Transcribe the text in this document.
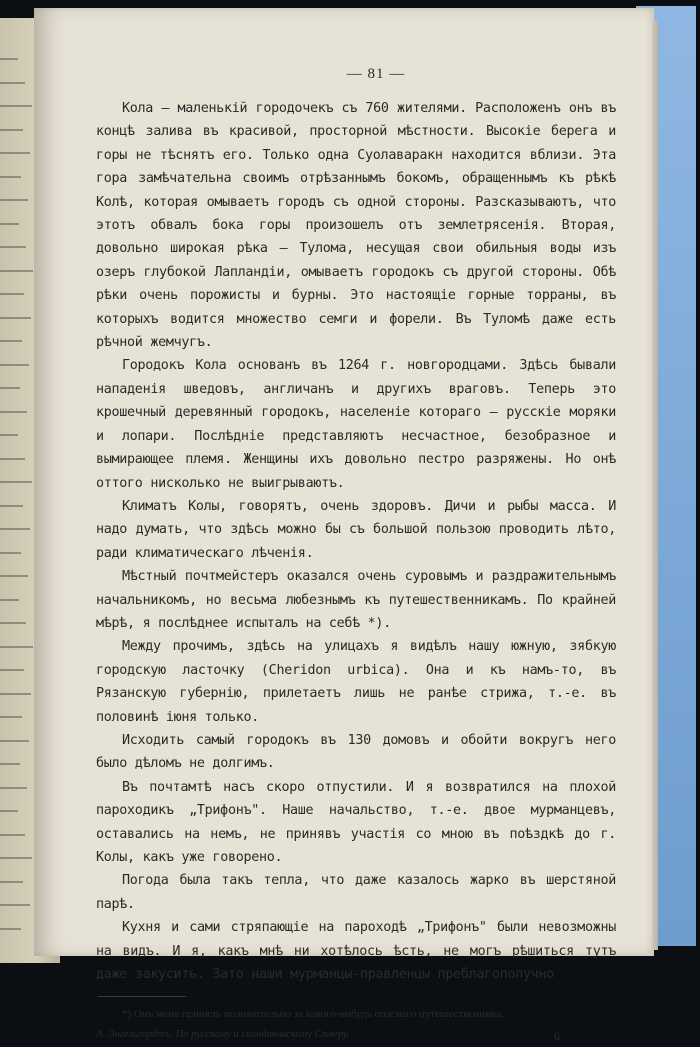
— 81 —

Кола — маленькій городочекъ съ 760 жителями. Расположенъ онъ въ концѣ залива въ красивой, просторной мѣстности. Высокіе берега и горы не тѣснятъ его. Только одна Суолаваракн находится вблизи. Эта гора замѣчательна своимъ отрѣзаннымъ бокомъ, обращеннымъ къ рѣкѣ Колѣ, которая омываетъ городъ съ одной стороны. Разсказываютъ, что этотъ обвалъ бока горы произошелъ отъ землетрясенія. Вторая, довольно широкая рѣка — Тулома, несущая свои обильныя воды изъ озеръ глубокой Лапландіи, омываетъ городокъ съ другой стороны. Обѣ рѣки очень порожисты и бурны. Это настоящіе горные торраны, въ которыхъ водится множество семги и форели. Въ Туломѣ даже есть рѣчной жемчугъ.

Городокъ Кола основанъ въ 1264 г. новгородцами. Здѣсь бывали нападенія шведовъ, англичанъ и другихъ враговъ. Теперь это крошечный деревянный городокъ, населеніе котораго — русскіе моряки и лопари. Послѣдніе представляютъ несчастное, безобразное и вымирающее племя. Женщины ихъ довольно пестро разряжены. Но онѣ оттого нисколько не выигрываютъ.

Климатъ Колы, говорятъ, очень здоровъ. Дичи и рыбы масса. И надо думать, что здѣсь можно бы съ большой пользою проводить лѣто, ради климатическаго лѣченія.

Мѣстный почтмейстеръ оказался очень суровымъ и раздражительнымъ начальникомъ, но весьма любезнымъ къ путешественникамъ. По крайней мѣрѣ, я послѣднее испыталъ на себѣ *).

Между прочимъ, здѣсь на улицахъ я видѣлъ нашу южную, зябкую городскую ласточку (Cheridon urbica). Она и къ намъ-то, въ Рязанскую губернію, прилетаетъ лишь не ранѣе стрижа, т.-е. въ половинѣ іюня только.

Исходить самый городокъ въ 130 домовъ и обойти вокругъ него было дѣломъ не долгимъ.

Въ почтамтѣ насъ скоро отпустили. И я возвратился на плохой пароходикъ „Трифонъ". Наше начальство, т.-е. двое мурманцевъ, оставались на немъ, не принявъ участія со мною въ поѣздкѣ до г. Колы, какъ уже говорено.

Погода была такъ тепла, что даже казалось жарко въ шерстяной парѣ.

Кухня и сами стряпающіе на пароходѣ „Трифонъ" были невозможны на видъ. И я, какъ мнѣ ни хотѣлось ѣсть, не могъ рѣшиться тутъ даже закусить. Зато наши мурманцы-правленцы преблагополучно

*) Онъ меня принялъ положительно за какого-нибудь опаснаго путешественника.
А. Энгельгардтъ. По русскому и скандинавскому Сѣверу.	6
